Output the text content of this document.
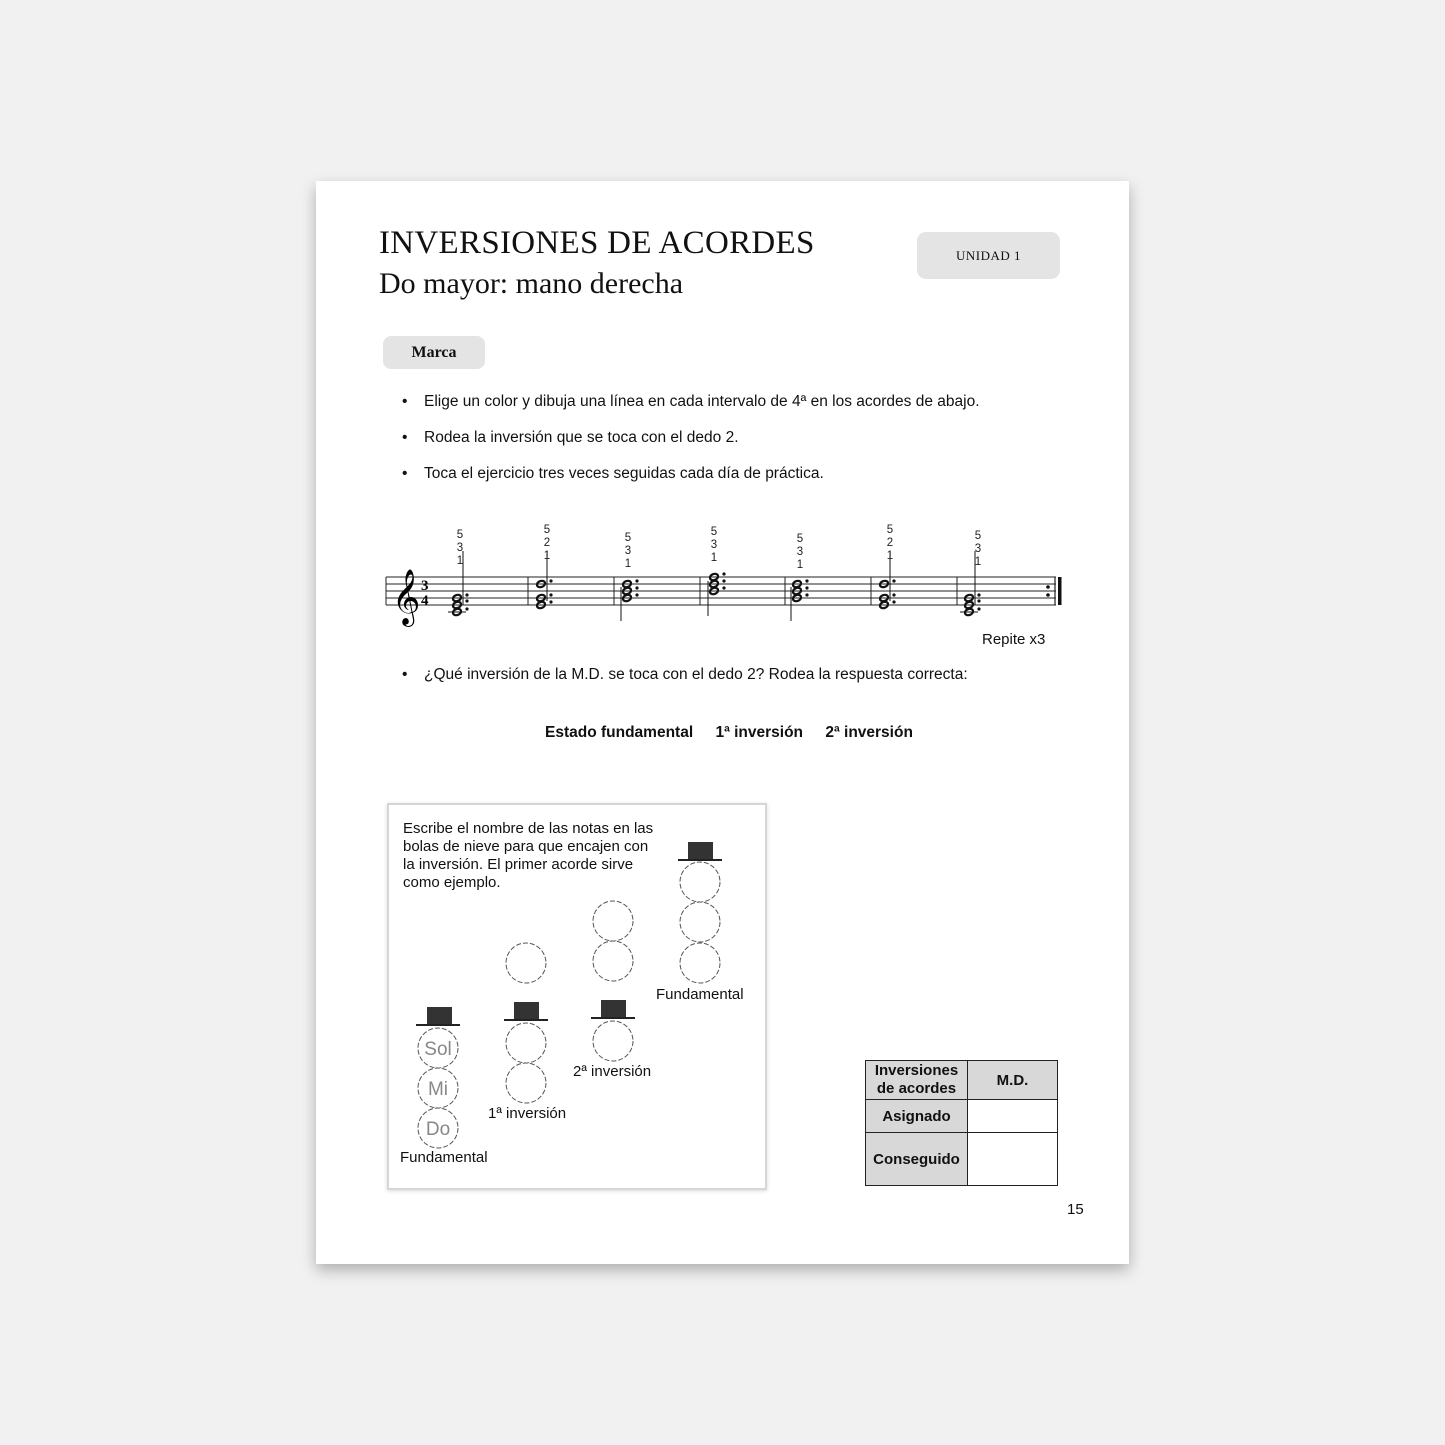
INVERSIONES DE ACORDES
Do mayor: mano derecha
UNIDAD 1
Marca
• Elige un color y dibuja una línea en cada intervalo de 4ª en los acordes de abajo.
• Rodea la inversión que se toca con el dedo 2.
• Toca el ejercicio tres veces seguidas cada día de práctica.
𝄞 3
4
5
3
1
5
2
1
5
3
1
5
3
1
5
3
1
5
2
1
5
3
1
Repite x3
• ¿Qué inversión de la M.D. se toca con el dedo 2? Rodea la respuesta correcta:
Estado fundamental 1ª inversión 2ª inversión
Escribe el nombre de las notas en las bolas de nieve para que encajen con la inversión. El primer acorde sirve como ejemplo.
Sol
Mi
Do
Fundamental
1ª inversión
2ª inversión
Fundamental
Inversiones de acordes	M.D.
Asignado	
Conseguido	
15
